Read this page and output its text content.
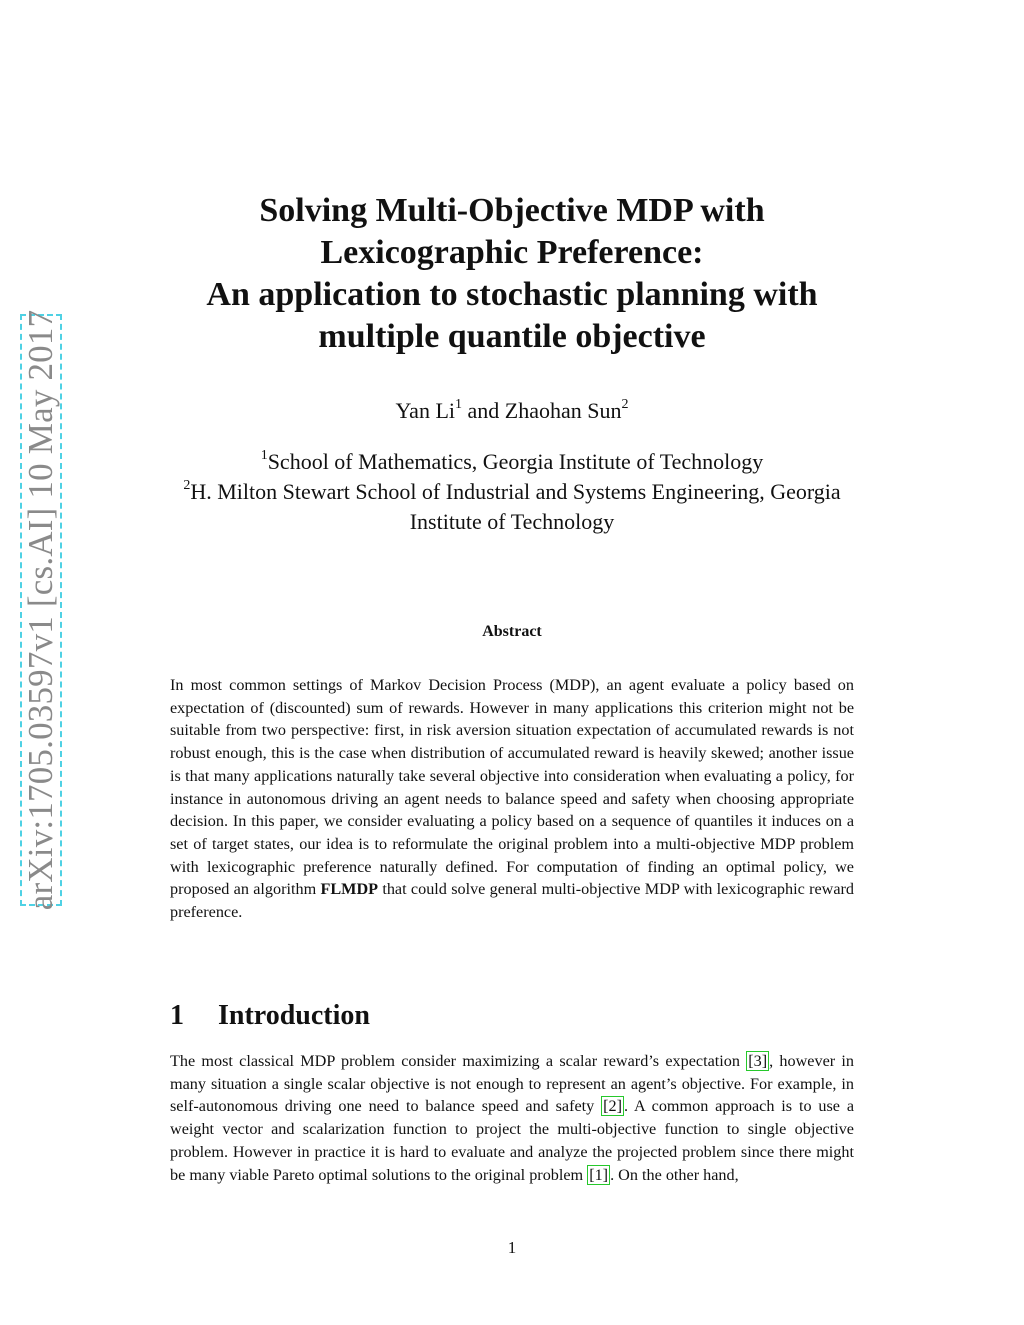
arXiv:1705.03597v1 [cs.AI] 10 May 2017
Solving Multi-Objective MDP with
Lexicographic Preference:
An application to stochastic planning with
multiple quantile objective
Yan Li$^1$ and Zhaohan Sun$^2$
$^1$School of Mathematics, Georgia Institute of Technology
$^2$H. Milton Stewart School of Industrial and Systems Engineering, Georgia
Institute of Technology
Abstract
In most common settings of Markov Decision Process (MDP), an agent evaluate a policy based on expectation of (discounted) sum of rewards. However in many applications this criterion might not be suitable from two perspective: first, in risk aversion situation expectation of accumulated rewards is not robust enough, this is the case when distribution of accumulated reward is heavily skewed; another issue is that many applications naturally take several objective into consideration when evaluating a policy, for instance in autonomous driving an agent needs to balance speed and safety when choosing appropriate decision. In this paper, we consider evaluating a policy based on a sequence of quantiles it induces on a set of target states, our idea is to reformulate the original problem into a multi-objective MDP problem with lexicographic preference naturally defined. For computation of finding an optimal policy, we proposed an algorithm FLMDP that could solve general multi-objective MDP with lexicographic reward preference.
1 Introduction
The most classical MDP problem consider maximizing a scalar reward’s expectation [3] , however in many situation a single scalar objective is not enough to represent an agent’s objective. For example, in self-autonomous driving one need to balance speed and safety [2] . A common approach is to use a weight vector and scalarization function to project the multi-objective function to single objective problem. However in practice it is hard to evaluate and analyze the projected problem since there might be many viable Pareto optimal solutions to the original problem [1] . On the other hand,
1
